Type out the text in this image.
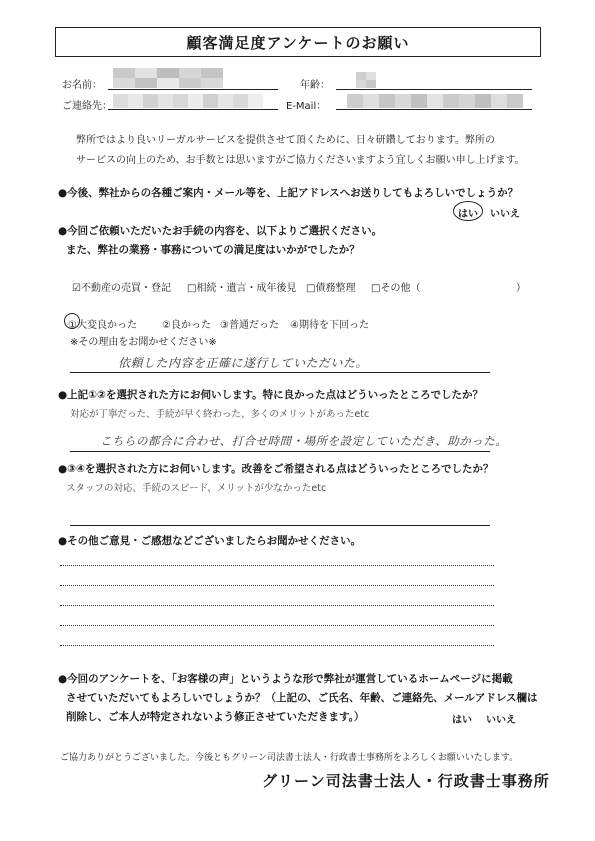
顧客満足度アンケートのお願い
お名前：	年齢：
ご連絡先：	E-Mail：
弊所ではより良いリーガルサービスを提供させて頂くために、日々研鑽しております。弊所の
サービスの向上のため、お手数とは思いますがご協力くださいますよう宜しくお願い申し上げます。
●今後、弊社からの各種ご案内・メール等を、上記アドレスへお送りしてもよろしいでしょうか？
はい いいえ
●今回ご依頼いただいたお手続の内容を、以下よりご選択ください。
また、弊社の業務・事務についての満足度はいかがでしたか？
☑不動産の売買・登記 □相続・遺言・成年後見 □債務整理 □その他（	）
①大変良かった	②良かった ③普通だった ④期待を下回った
※その理由をお聞かせください※
依頼した内容を正確に遂行していただいた。
●上記①②を選択された方にお伺いします。特に良かった点はどういったところでしたか？
対応が丁寧だった、手続が早く終わった、多くのメリットがあったetc
こちらの都合に合わせ、打合せ時間・場所を設定していただき、助かった。
●③④を選択された方にお伺いします。改善をご希望される点はどういったところでしたか？
スタッフの対応、手続のスピード、メリットが少なかったetc
●その他ご意見・ご感想などございましたらお聞かせください。
●今回のアンケートを、「お客様の声」というような形で弊社が運営しているホームページに掲載
させていただいてもよろしいでしょうか？（上記の、ご氏名、年齢、ご連絡先、メールアドレス欄は
削除し、ご本人が特定されないよう修正させていただきます。）	はい いいえ
ご協力ありがとうございました。今後ともグリーン司法書士法人・行政書士事務所をよろしくお願いいたします。
グリーン司法書士法人・行政書士事務所
